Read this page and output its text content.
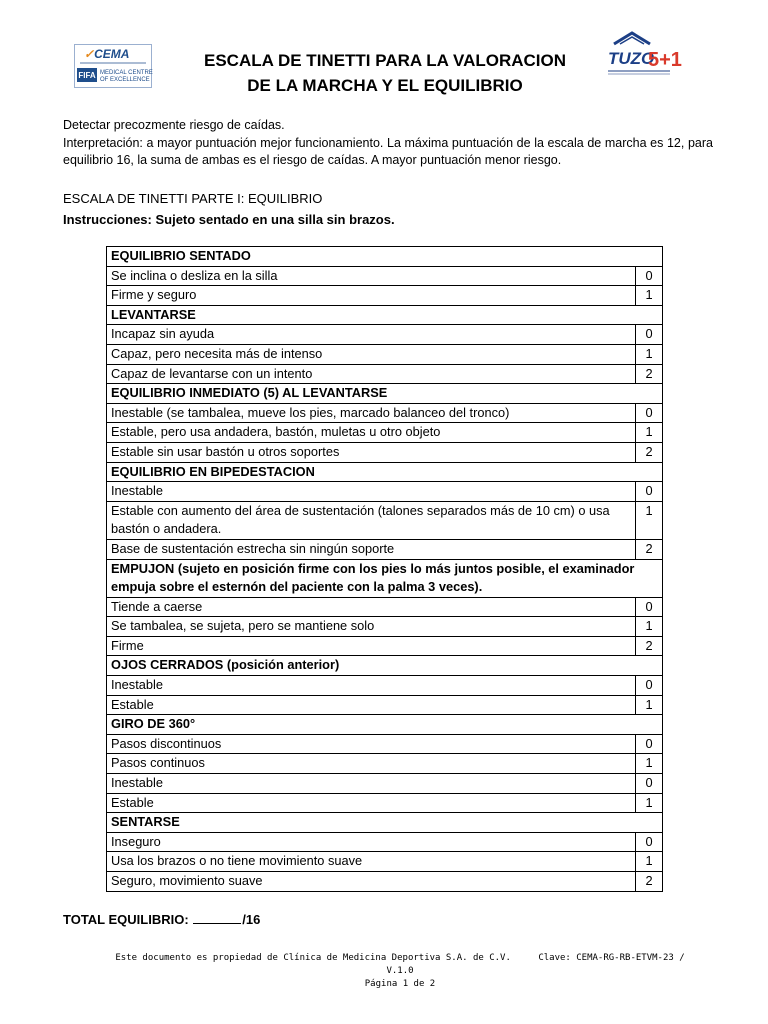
✓CEMA
FIFA MEDICAL CENTRE
OF EXCELLENCE
ESCALA DE TINETTI PARA LA VALORACION
DE LA MARCHA Y EL EQUILIBRIO
TUZO
5+1

Detectar precozmente riesgo de caídas.

Interpretación: a mayor puntuación mejor funcionamiento. La máxima puntuación de la escala de marcha es 12, para equilibrio 16, la suma de ambas es el riesgo de caídas. A mayor puntuación menor riesgo.

ESCALA DE TINETTI PARTE I: EQUILIBRIO
Instrucciones: Sujeto sentado en una silla sin brazos.
EQUILIBRIO SENTADO	
Se inclina o desliza en la silla	0
Firme y seguro	1
LEVANTARSE	
Incapaz sin ayuda	0
Capaz, pero necesita más de intenso	1
Capaz de levantarse con un intento	2
EQUILIBRIO INMEDIATO (5) AL LEVANTARSE	
Inestable (se tambalea, mueve los pies, marcado balanceo del tronco)	0
Estable, pero usa andadera, bastón, muletas u otro objeto	1
Estable sin usar bastón u otros soportes	2
EQUILIBRIO EN BIPEDESTACION	
Inestable	0
Estable con aumento del área de sustentación (talones separados más de 10 cm) o usa bastón o andadera.	1
Base de sustentación estrecha sin ningún soporte	2
EMPUJON (sujeto en posición firme con los pies lo más juntos posible, el examinador empuja sobre el esternón del paciente con la palma 3 veces).	
Tiende a caerse	0
Se tambalea, se sujeta, pero se mantiene solo	1
Firme	2
OJOS CERRADOS (posición anterior)	
Inestable	0
Estable	1
GIRO DE 360°	
Pasos discontinuos	0
Pasos continuos	1
Inestable	0
Estable	1
SENTARSE	
Inseguro	0
Usa los brazos o no tiene movimiento suave	1
Seguro, movimiento suave	2
TOTAL EQUILIBRIO:	/16
Este documento es propiedad de Clínica de Medicina Deportiva S.A. de C.V.	Clave: CEMA-RG-RB-ETVM-23 / V.1.0
Página 1 de 2
